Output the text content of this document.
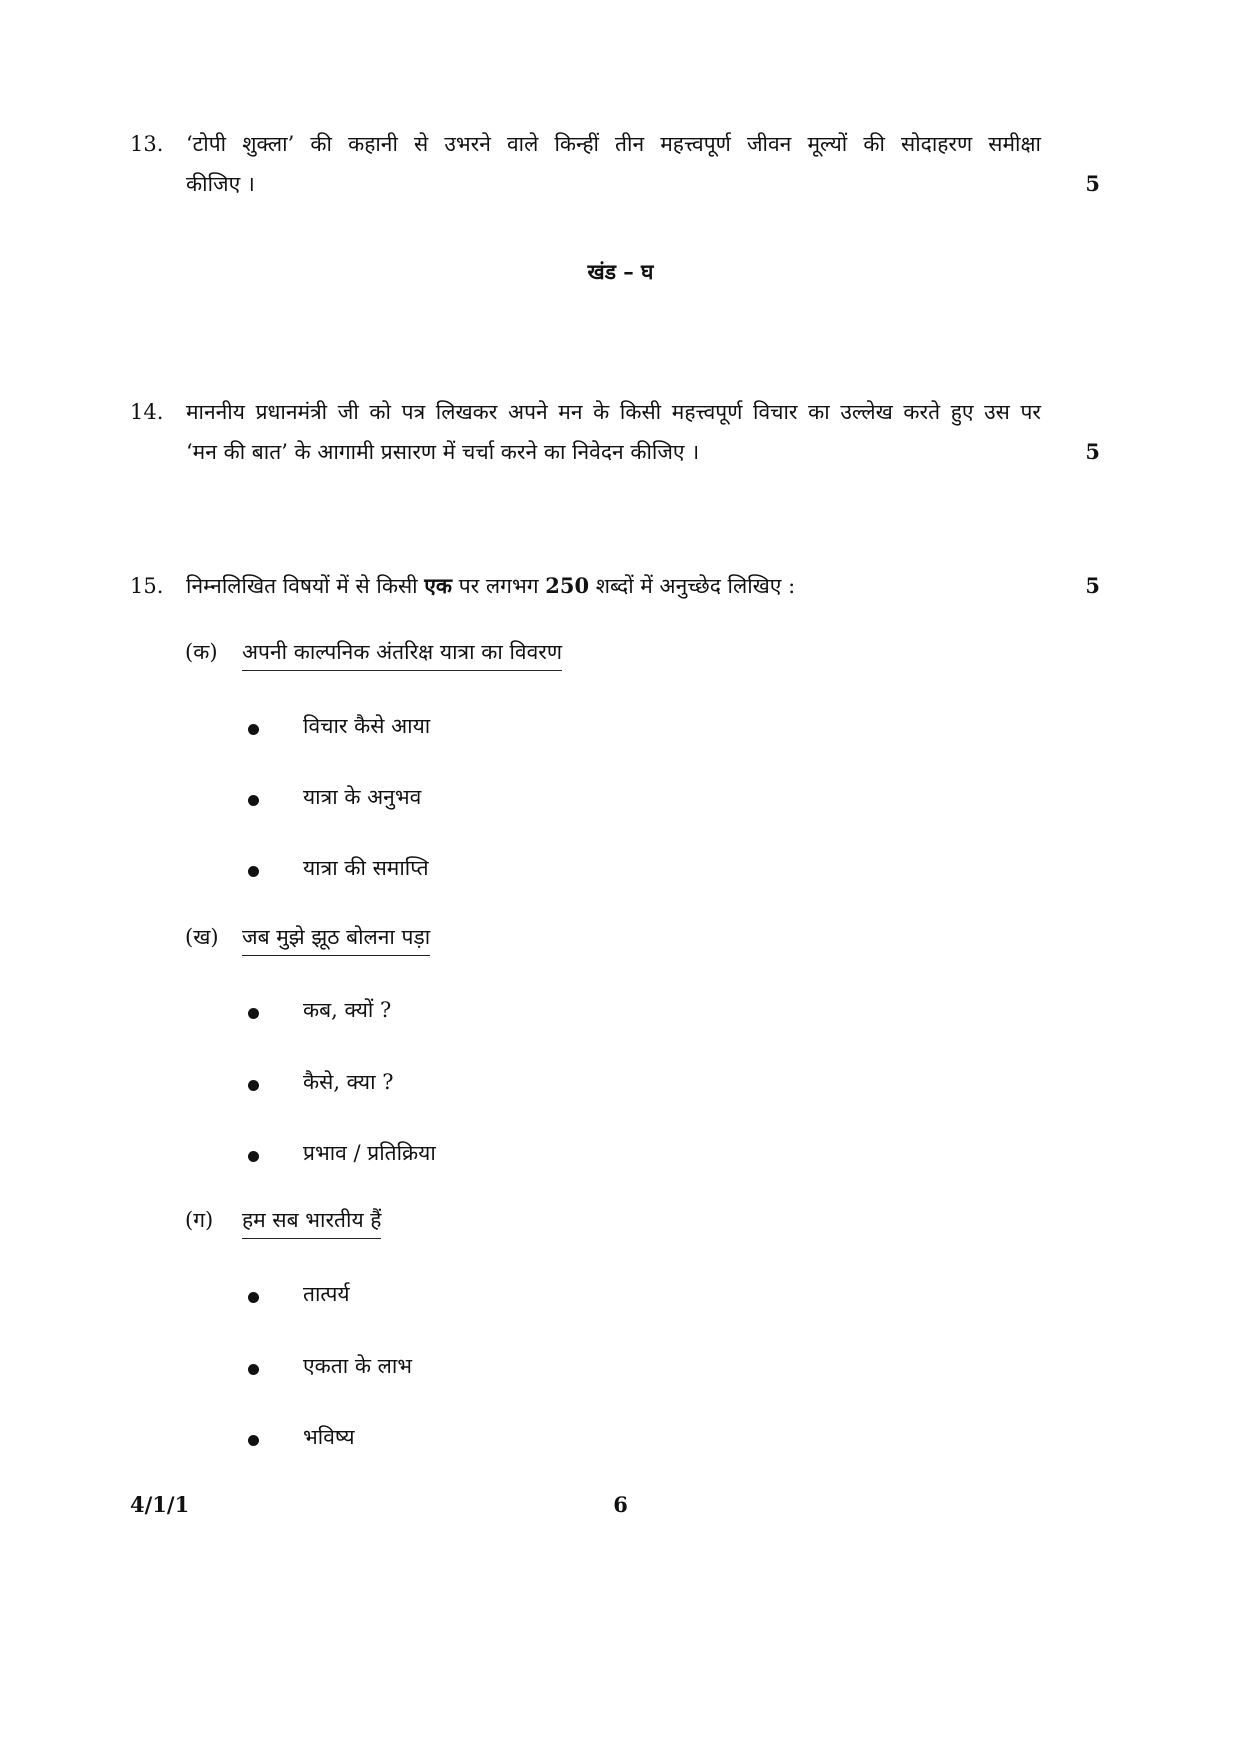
13.	‘टोपी शुक्ला’ की कहानी से उभरने वाले किन्हीं तीन महत्त्वपूर्ण जीवन मूल्यों की सोदाहरण समीक्षा
कीजिए ।	5
खंड – घ
14.	माननीय प्रधानमंत्री जी को पत्र लिखकर अपने मन के किसी महत्त्वपूर्ण विचार का उल्लेख करते हुए उस पर
‘मन की बात’ के आगामी प्रसारण में चर्चा करने का निवेदन कीजिए ।	5
15.	निम्नलिखित विषयों में से किसी एक पर लगभग 250 शब्दों में अनुच्छेद लिखिए :	5
(क) अपनी काल्पनिक अंतरिक्ष यात्रा का विवरण
विचार कैसे आया
यात्रा के अनुभव
यात्रा की समाप्ति
(ख) जब मुझे झूठ बोलना पड़ा
कब, क्यों ?
कैसे, क्या ?
प्रभाव / प्रतिक्रिया
(ग) हम सब भारतीय हैं
तात्पर्य
एकता के लाभ
भविष्य
4/1/1	6
